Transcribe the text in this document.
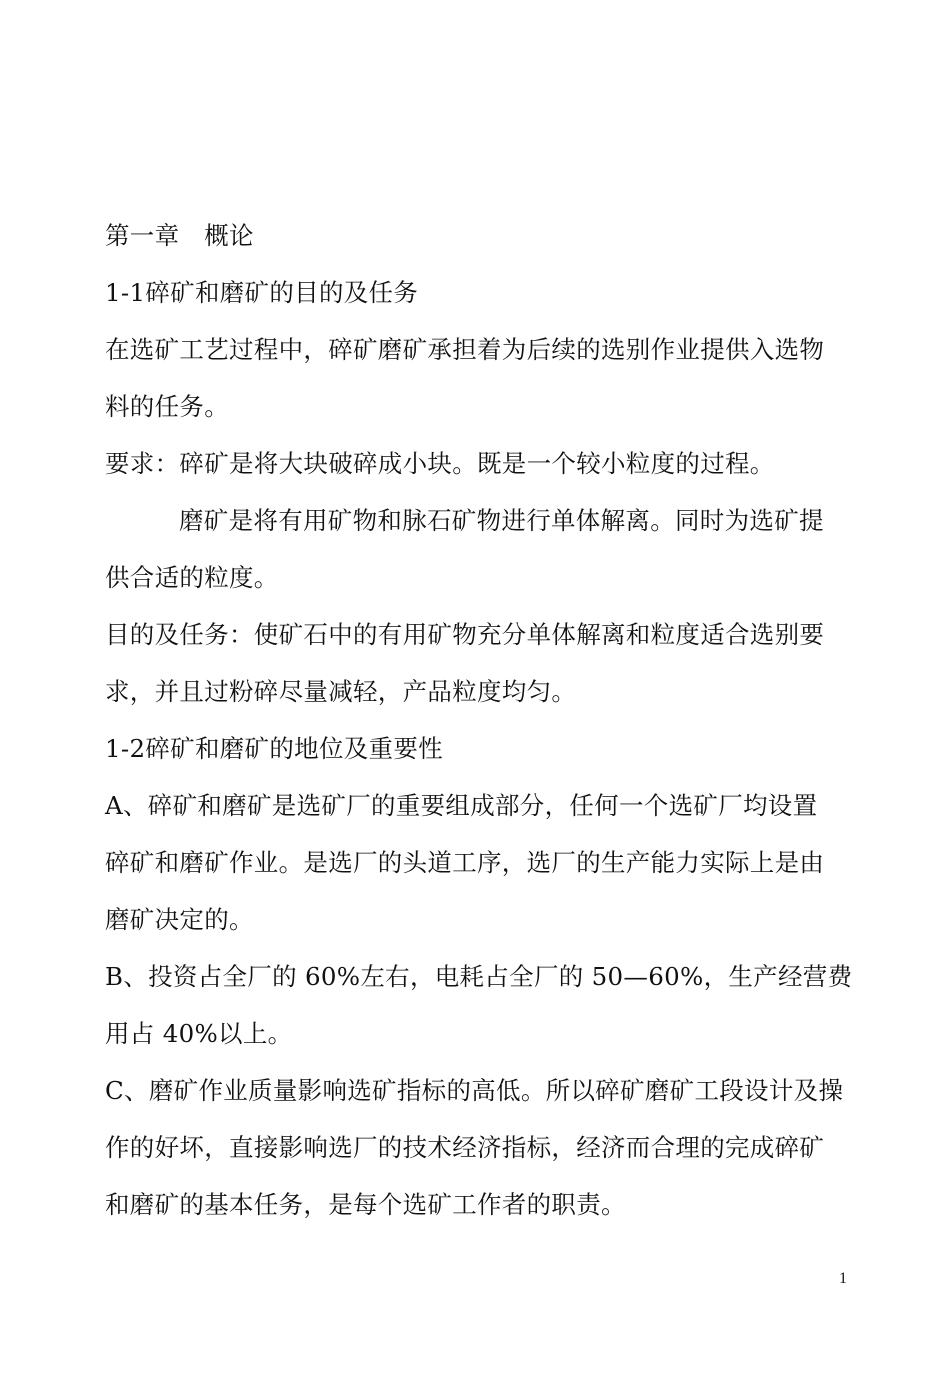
第一章　概论
1-1碎矿和磨矿的目的及任务
在选矿工艺过程中，碎矿磨矿承担着为后续的选别作业提供入选物
料的任务。
要求：碎矿是将大块破碎成小块。既是一个较小粒度的过程。
磨矿是将有用矿物和脉石矿物进行单体解离。同时为选矿提
供合适的粒度。
目的及任务：使矿石中的有用矿物充分单体解离和粒度适合选别要
求，并且过粉碎尽量减轻，产品粒度均匀。
1-2碎矿和磨矿的地位及重要性
A、碎矿和磨矿是选矿厂的重要组成部分，任何一个选矿厂均设置
碎矿和磨矿作业。是选厂的头道工序，选厂的生产能力实际上是由
磨矿决定的。
B、投资占全厂的 60%左右，电耗占全厂的 50—60%，生产经营费
用占 40%以上。
C、磨矿作业质量影响选矿指标的高低。所以碎矿磨矿工段设计及操
作的好坏，直接影响选厂的技术经济指标，经济而合理的完成碎矿
和磨矿的基本任务，是每个选矿工作者的职责。
1
